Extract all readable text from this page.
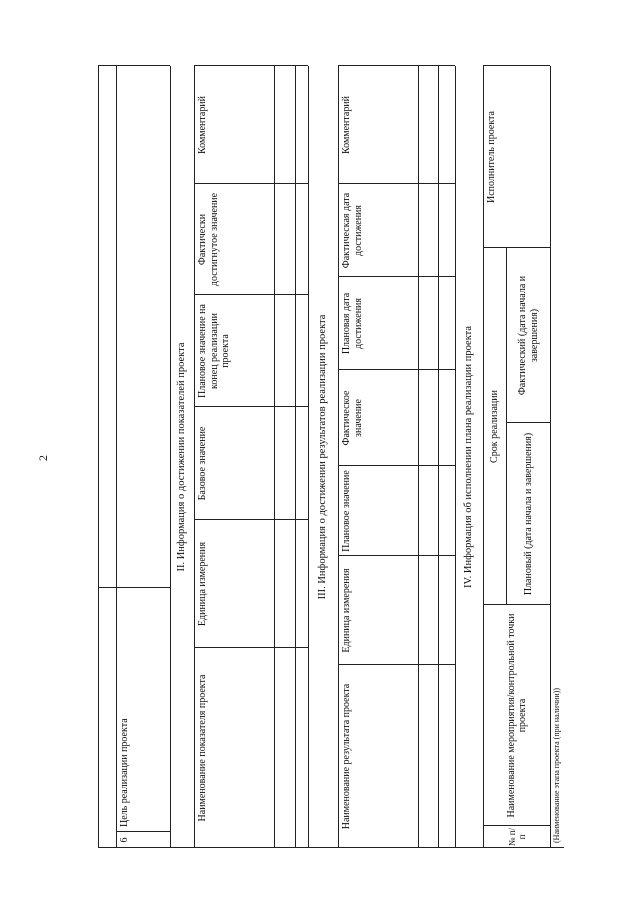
2
6
Цель реализации проекта
II. Информация о достижении показателей проекта
Наименование показателя проекта
Единица измерения
Базовое значение
Плановое значение на конец реализации проекта
Фактически достигнутое значение
Комментарий
III. Информация о достижении результатов реализации проекта
Наименование результата проекта
Единица измерения
Плановое значение
Фактическое значение
Плановая дата достижения
Фактическая дата достижения
Комментарий
IV. Информация об исполнении плана реализации проекта
№ п/п
Наименование мероприятия/контрольной точки проекта
Срок реализации
Плановый (дата начала и завершения)
Фактический (дата начала и завершения)
Исполнитель проекта
(Наименование этапа проекта (при наличии))
